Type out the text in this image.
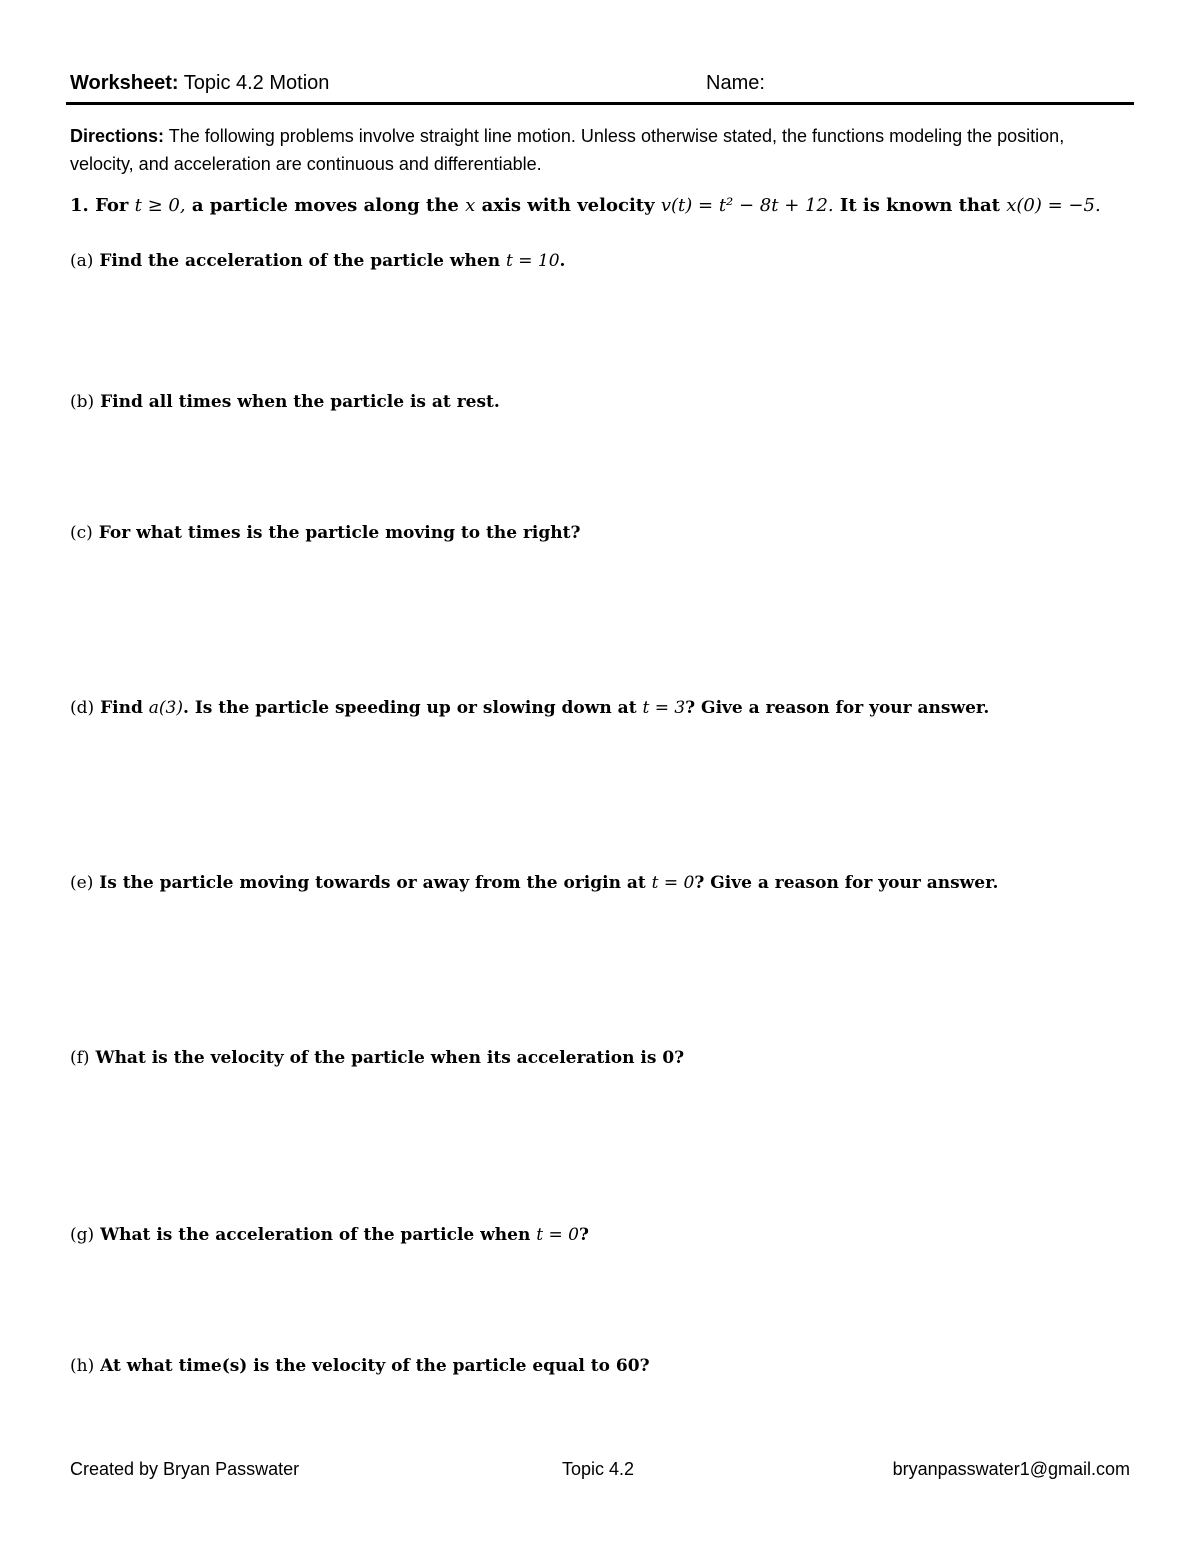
Worksheet: Topic 4.2 Motion	Name:
Directions: The following problems involve straight line motion. Unless otherwise stated, the functions modeling the position, velocity, and acceleration are continuous and differentiable.
1. For t ≥ 0, a particle moves along the x axis with velocity v(t) = t² − 8t + 12. It is known that x(0) = −5.
(a) Find the acceleration of the particle when t = 10.
(b) Find all times when the particle is at rest.
(c) For what times is the particle moving to the right?
(d) Find a(3). Is the particle speeding up or slowing down at t = 3? Give a reason for your answer.
(e) Is the particle moving towards or away from the origin at t = 0? Give a reason for your answer.
(f) What is the velocity of the particle when its acceleration is 0?
(g) What is the acceleration of the particle when t = 0?
(h) At what time(s) is the velocity of the particle equal to 60?
Created by Bryan Passwater	Topic 4.2	bryanpasswater1@gmail.com
